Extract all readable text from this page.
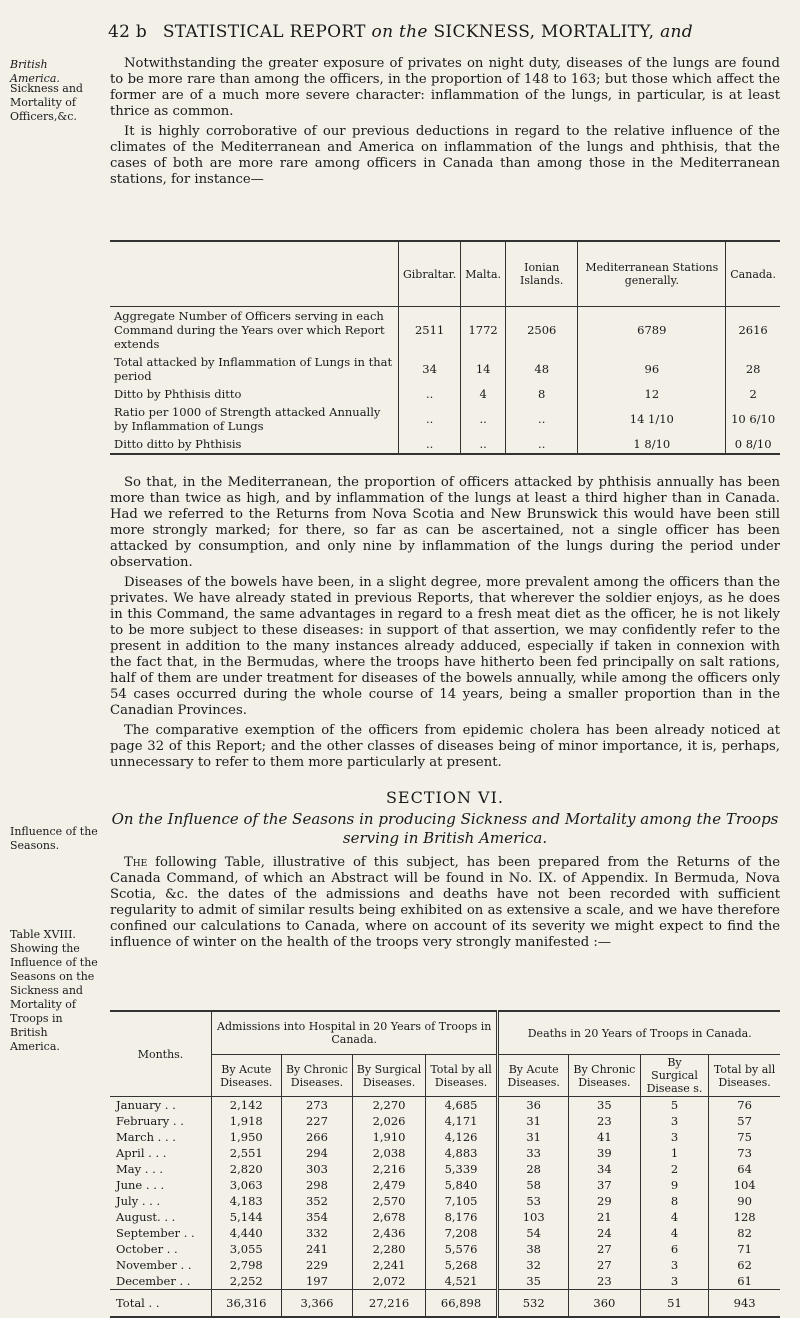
42 b STATISTICAL REPORT on the SICKNESS, MORTALITY, and
British America.
Sickness and Mortality of Officers,&c.
Influence of the Seasons.
Table XVIII. Showing the Influence of the Seasons on the Sickness and Mortality of Troops in British America.

Notwithstanding the greater exposure of privates on night duty, diseases of the lungs are found to be more rare than among the officers, in the proportion of 148 to 163; but those which affect the former are of a much more severe character: inflammation of the lungs, in particular, is at least thrice as common.

It is highly corroborative of our previous deductions in regard to the relative influence of the climates of the Mediterranean and America on inflammation of the lungs and phthisis, that the cases of both are more rare among officers in Canada than among those in the Mediterranean stations, for instance—

	Gibraltar.	Malta.	Ionian Islands.	Mediterranean Stations generally.	Canada.
Aggregate Number of Officers serving in each Command during the Years over which Report extends	2511	1772	2506	6789	2616
Total attacked by Inflammation of Lungs in that period	34	14	48	96	28
Ditto by Phthisis ditto	..	4	8	12	2
Ratio per 1000 of Strength attacked Annually by Inflammation of Lungs	..	..	..	14 1/10	10 6/10
Ditto ditto by Phthisis	..	..	..	1 8/10	0 8/10

So that, in the Mediterranean, the proportion of officers attacked by phthisis annually has been more than twice as high, and by inflammation of the lungs at least a third higher than in Canada. Had we referred to the Returns from Nova Scotia and New Brunswick this would have been still more strongly marked; for there, so far as can be ascertained, not a single officer has been attacked by consumption, and only nine by inflammation of the lungs during the period under observation.

Diseases of the bowels have been, in a slight degree, more prevalent among the officers than the privates. We have already stated in previous Reports, that wherever the soldier enjoys, as he does in this Command, the same advantages in regard to a fresh meat diet as the officer, he is not likely to be more subject to these diseases: in support of that assertion, we may confidently refer to the present in addition to the many instances already adduced, especially if taken in connexion with the fact that, in the Bermudas, where the troops have hitherto been fed principally on salt rations, half of them are under treatment for diseases of the bowels annually, while among the officers only 54 cases occurred during the whole course of 14 years, being a smaller proportion than in the Canadian Provinces.

The comparative exemption of the officers from epidemic cholera has been already noticed at page 32 of this Report; and the other classes of diseases being of minor importance, it is, perhaps, unnecessary to refer to them more particularly at present.

SECTION VI.
On the Influence of the Seasons in producing Sickness and Mortality among the Troops serving in British America.

The following Table, illustrative of this subject, has been prepared from the Returns of the Canada Command, of which an Abstract will be found in No. IX. of Appendix. In Bermuda, Nova Scotia, &c. the dates of the admissions and deaths have not been recorded with sufficient regularity to admit of similar results being exhibited on as extensive a scale, and we have therefore confined our calculations to Canada, where on account of its severity we might expect to find the influence of winter on the health of the troops very strongly manifested :—

Months.	Admissions into Hospital in 20 Years of Troops in Canada.				Deaths in 20 Years of Troops in Canada.			
	By Acute Diseases.	By Chronic Diseases.	By Surgical Diseases.	Total by all Diseases.	By Acute Diseases.	By Chronic Diseases.	By Surgical Disease s.	Total by all Diseases.
January . .	2,142	273	2,270	4,685	36	35	5	76
February . .	1,918	227	2,026	4,171	31	23	3	57
March . . .	1,950	266	1,910	4,126	31	41	3	75
April . . .	2,551	294	2,038	4,883	33	39	1	73
May . . .	2,820	303	2,216	5,339	28	34	2	64
June . . .	3,063	298	2,479	5,840	58	37	9	104
July . . .	4,183	352	2,570	7,105	53	29	8	90
August. . .	5,144	354	2,678	8,176	103	21	4	128
September . .	4,440	332	2,436	7,208	54	24	4	82
October . .	3,055	241	2,280	5,576	38	27	6	71
November . .	2,798	229	2,241	5,268	32	27	3	62
December . .	2,252	197	2,072	4,521	35	23	3	61
Total . .	36,316	3,366	27,216	66,898	532	360	51	943
